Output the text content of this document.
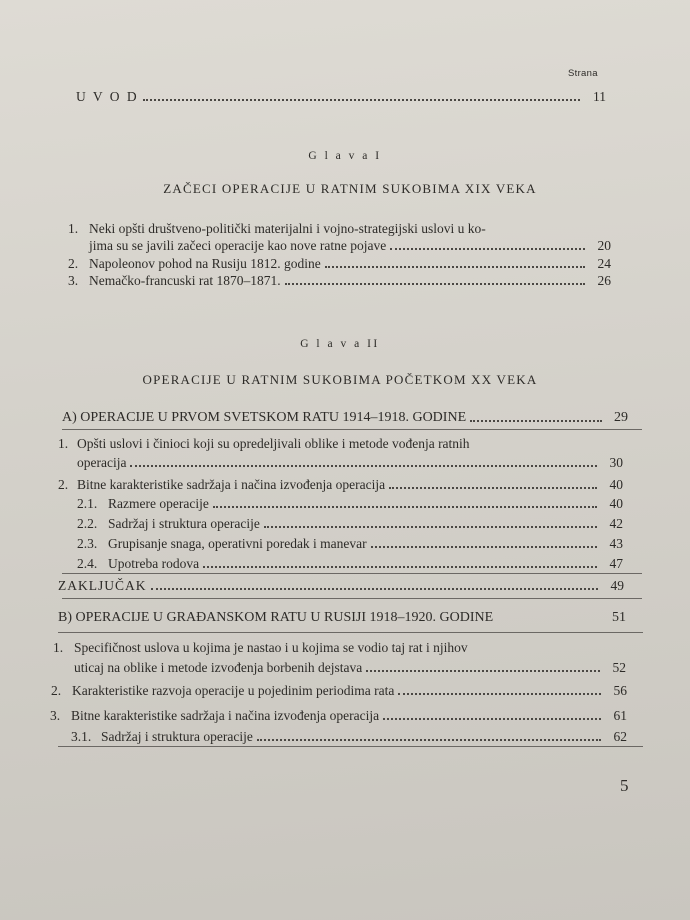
Strana
U V O D	11
G l a v a I
ZAČECI OPERACIJE U RATNIM SUKOBIMA XIX VEKA
1. Neki opšti društveno-politički materijalni i vojno-strategijski uslovi u ko-
jima su se javili začeci operacije kao nove ratne pojave	20
2. Napoleonov pohod na Rusiju 1812. godine	24
3. Nemačko-francuski rat 1870–1871.	26
G l a v a II
OPERACIJE U RATNIM SUKOBIMA POČETKOM XX VEKA
A) OPERACIJE U PRVOM SVETSKOM RATU 1914–1918. GODINE	29
1. Opšti uslovi i činioci koji su opredeljivali oblike i metode vođenja ratnih
operacija	30
2. Bitne karakteristike sadržaja i načina izvođenja operacija	40
2.1. Razmere operacije	40
2.2. Sadržaj i struktura operacije	42
2.3. Grupisanje snaga, operativni poredak i manevar	43
2.4. Upotreba rodova	47
ZAKLJUČAK	49
B) OPERACIJE U GRAĐANSKOM RATU U RUSIJI 1918–1920. GODINE	51
1. Specifičnost uslova u kojima je nastao i u kojima se vodio taj rat i njihov
uticaj na oblike i metode izvođenja borbenih dejstava	52
2. Karakteristike razvoja operacije u pojedinim periodima rata	56
3. Bitne karakteristike sadržaja i načina izvođenja operacija	61
3.1. Sadržaj i struktura operacije	62
5
